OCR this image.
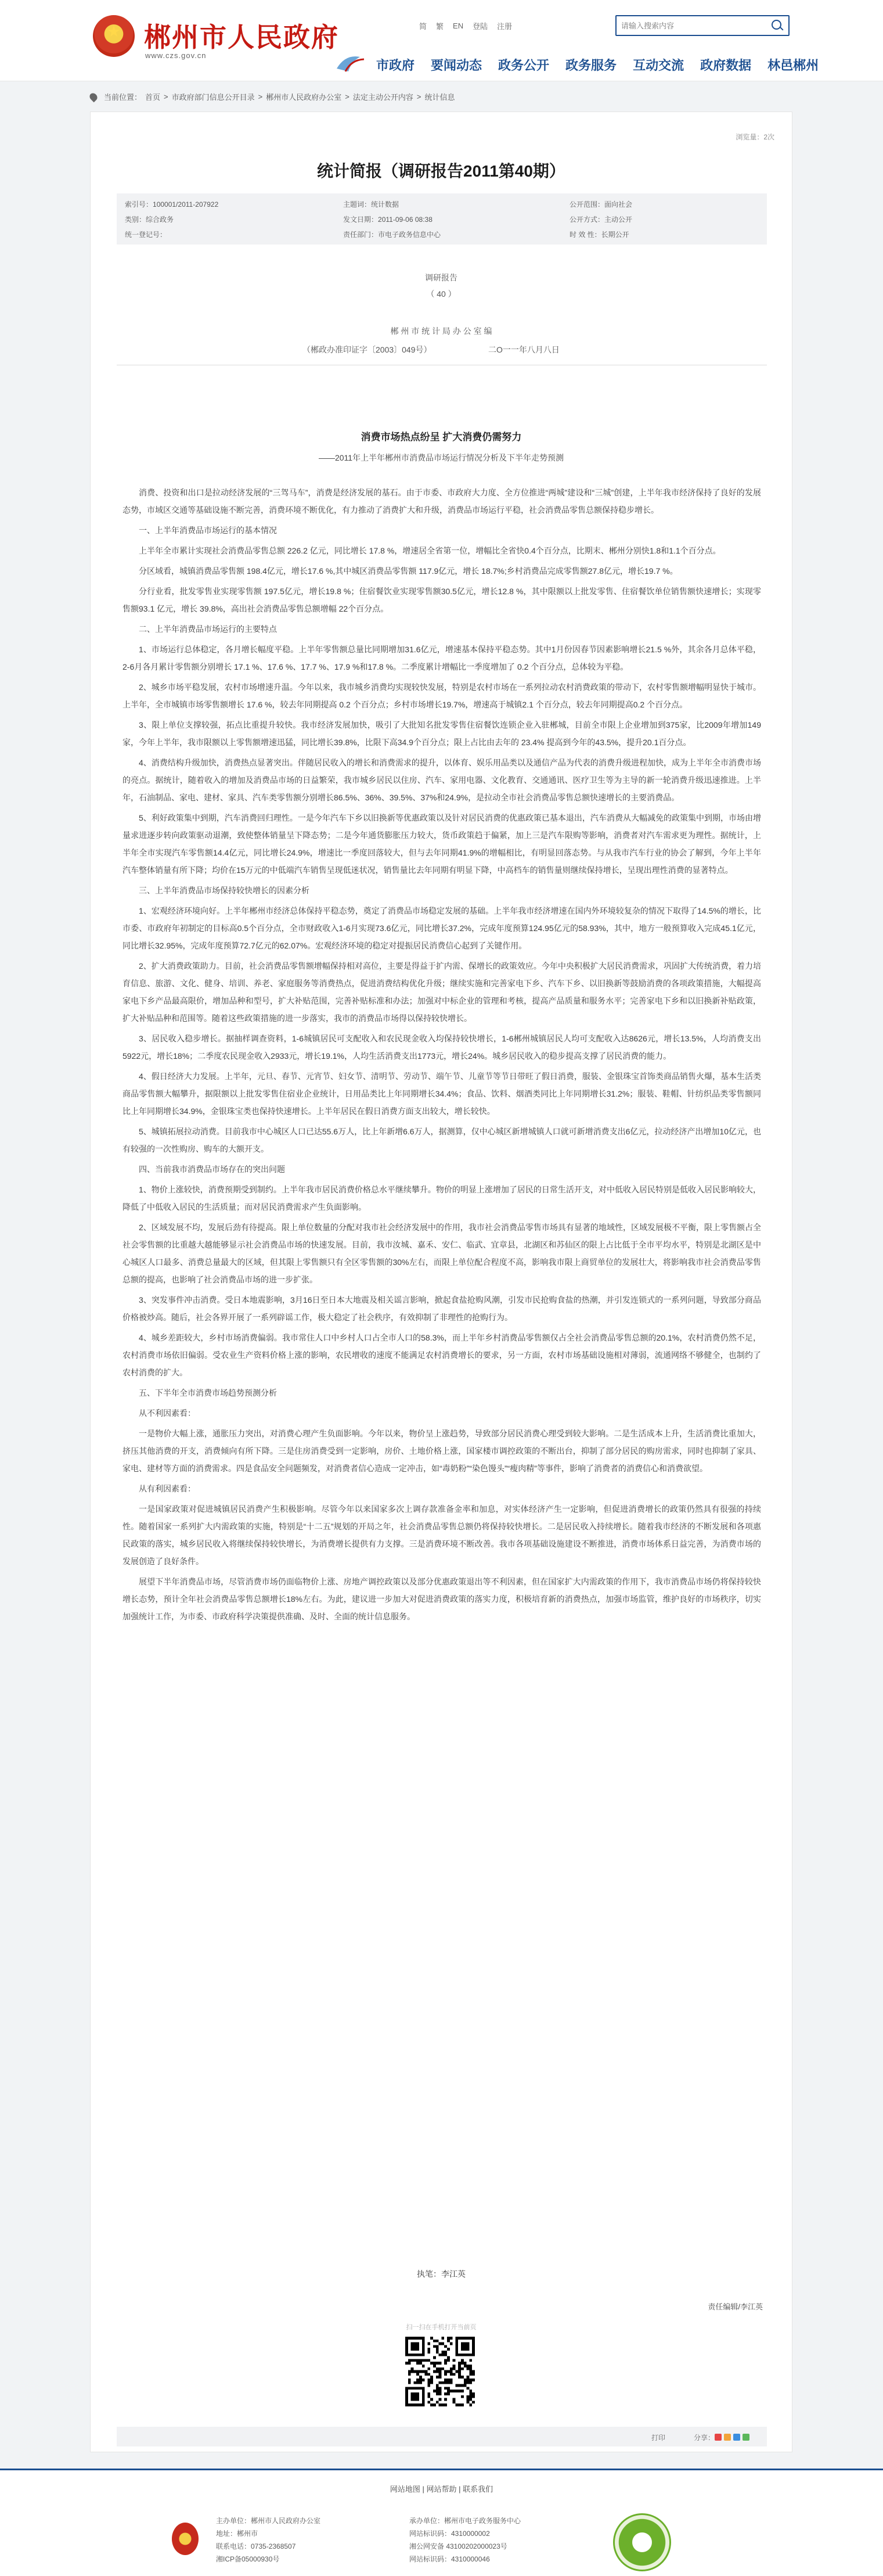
★ 郴州市人民政府
www.czs.gov.cn
简 繁 EN 登陆 注册
请输入搜索内容
市政府 要闻动态 政务公开 政务服务 互动交流 政府数据 林邑郴州
当前位置： 首页 > 市政府部门信息公开目录 > 郴州市人民政府办公室 > 法定主动公开内容 > 统计信息
浏览量：2次
统计简报（调研报告2011第40期）
索引号：100001/2011-207922	主题词：统计数据	公开范围：面向社会
类别：综合政务	发文日期：2011-09-06 08:38	公开方式：主动公开
统一登记号：	责任部门：市电子政务信息中心	时 效 性：长期公开
调研报告
（ 40 ）
郴 州 市 统 计 局 办 公 室 编
（郴政办准印证字〔2003〕049号）	二O一一年八月八日
消费市场热点纷呈 扩大消费仍需努力
——2011年上半年郴州市消费品市场运行情况分析及下半年走势预测

消费、投资和出口是拉动经济发展的“三驾马车”，消费是经济发展的基石。由于市委、市政府大力度、全方位推进“两城”建设和“三城”创建，上半年我市经济保持了良好的发展态势，市域区交通等基础设施不断完善，消费环境不断优化，有力推动了消费扩大和升级，消费品市场运行平稳，社会消费品零售总额保持稳步增长。

一、上半年消费品市场运行的基本情况

上半年全市累计实现社会消费品零售总额 226.2 亿元，同比增长 17.8 %，增速居全省第一位，增幅比全省快0.4个百分点，比期末、郴州分别快1.8和1.1个百分点。

分区域看，城镇消费品零售额 198.4亿元，增长17.6 %,其中城区消费品零售额 117.9亿元，增长 18.7%;乡村消费品完成零售额27.8亿元，增长19.7 %。

分行业看，批发零售业实现零售额 197.5亿元，增长19.8 %；住宿餐饮业实现零售额30.5亿元，增长12.8 %，其中限额以上批发零售、住宿餐饮单位销售额快速增长；实现零售额93.1 亿元，增长 39.8%，高出社会消费品零售总额增幅 22个百分点。

二、上半年消费品市场运行的主要特点

1、市场运行总体稳定，各月增长幅度平稳。上半年零售额总量比同期增加31.6亿元，增速基本保持平稳态势。其中1月份因春节因素影响增长21.5 %外，其余各月总体平稳，2-6月各月累计零售额分别增长 17.1 %、17.6 %、17.7 %、17.9 %和17.8 %。二季度累计增幅比一季度增加了 0.2 个百分点，总体较为平稳。

2、城乡市场平稳发展，农村市场增速升温。今年以来，我市城乡消费均实现较快发展，特别是农村市场在一系列拉动农村消费政策的带动下，农村零售额增幅明显快于城市。上半年，全市城镇市场零售额增长 17.6 %，较去年同期提高 0.2 个百分点；乡村市场增长19.7%，增速高于城镇2.1 个百分点，较去年同期提高0.2 个百分点。

3、限上单位支撑较强，拓点比重提升较快。我市经济发展加快，吸引了大批知名批发零售住宿餐饮连锁企业入驻郴城，目前全市限上企业增加到375家，比2009年增加149家，今年上半年，我市限额以上零售额增速迅猛，同比增长39.8%，比限下高34.9个百分点；限上占比由去年的 23.4% 提高到今年的43.5%，提升20.1百分点。

4、消费结构升级加快，消费热点显著突出。伴随居民收入的增长和消费需求的提升，以体育、娱乐用品类以及通信产品为代表的消费升级进程加快，成为上半年全市消费市场的亮点。据统计，随着收入的增加及消费品市场的日益繁荣，我市城乡居民以住房、汽车、家用电器、文化教育、交通通讯、医疗卫生等为主导的新一轮消费升级迅速推进。上半年，石油制品、家电、建材、家具、汽车类零售额分别增长86.5%、36%、39.5%、37%和24.9%，是拉动全市社会消费品零售总额快速增长的主要消费品。

5、利好政策集中到期，汽车消费回归理性。一是今年汽车下乡以旧换新等优惠政策以及针对居民消费的优惠政策已基本退出，汽车消费从大幅减免的政策集中到期，市场由增量求进逐步转向政策驱动退潮，致使整体销量呈下降态势；二是今年通货膨胀压力较大，货币政策趋于偏紧，加上三是汽车限购等影响，消费者对汽车需求更为理性。据统计，上半年全市实现汽车零售额14.4亿元，同比增长24.9%，增速比一季度回落较大，但与去年同期41.9%的增幅相比，有明显回落态势。与从我市汽车行业的协会了解到，今年上半年汽车整体销量有所下降；均价在15万元的中低端汽车销售呈现低迷状况，销售量比去年同期有明显下降，中高档车的销售量则继续保持增长，呈现出理性消费的显著特点。

三、上半年消费品市场保持较快增长的因素分析

1、宏观经济环境向好。上半年郴州市经济总体保持平稳态势，奠定了消费品市场稳定发展的基础。上半年我市经济增速在国内外环境较复杂的情况下取得了14.5%的增长，比市委、市政府年初制定的目标高0.5个百分点，全市财政收入1-6月实现73.6亿元，同比增长37.2%，完成年度预算124.95亿元的58.93%，其中，地方一般预算收入完成45.1亿元，同比增长32.95%，完成年度预算72.7亿元的62.07%。宏观经济环境的稳定对提振居民消费信心起到了关键作用。

2、扩大消费政策助力。目前，社会消费品零售额增幅保持相对高位，主要是得益于扩内需、保增长的政策效应。今年中央积极扩大居民消费需求，巩固扩大传统消费，着力培育信息、旅游、文化、健身、培训、养老、家庭服务等消费热点，促进消费结构优化升级；继续实施和完善家电下乡、汽车下乡、以旧换新等鼓励消费的各项政策措施，大幅提高家电下乡产品最高限价，增加品种和型号，扩大补贴范围，完善补贴标准和办法；加强对中标企业的管理和考核，提高产品质量和服务水平；完善家电下乡和以旧换新补贴政策，扩大补贴品种和范围等。随着这些政策措施的进一步落实，我市的消费品市场得以保持较快增长。

3、居民收入稳步增长。据抽样调查资料，1-6城镇居民可支配收入和农民现金收入均保持较快增长，1-6郴州城镇居民人均可支配收入达8626元，增长13.5%，人均消费支出5922元，增长18%；二季度农民现金收入2933元，增长19.1%，人均生活消费支出1773元，增长24%。城乡居民收入的稳步提高支撑了居民消费的能力。

4、假日经济大力发展。上半年，元旦、春节、元宵节、妇女节、清明节、劳动节、端午节、儿童节等节日带旺了假日消费，服装、金银珠宝首饰类商品销售火爆，基本生活类商品零售额大幅攀升，据限额以上批发零售住宿业企业统计，日用品类比上年同期增长34.4%；食品、饮料、烟酒类同比上年同期增长31.2%；服装、鞋帽、针纺织品类零售额同比上年同期增长34.9%，金银珠宝类也保持快速增长。上半年居民在假日消费方面支出较大，增长较快。

5、城镇拓展拉动消费。目前我市中心城区人口已达55.6万人，比上年新增6.6万人，据测算，仅中心城区新增城镇人口就可新增消费支出6亿元，拉动经济产出增加10亿元，也有较强的一次性购房、购车的大额开支。

四、当前我市消费品市场存在的突出问题

1、物价上涨较快，消费预期受到制约。上半年我市居民消费价格总水平继续攀升。物价的明显上涨增加了居民的日常生活开支，对中低收入居民特别是低收入居民影响较大，降低了中低收入居民的生活质量；而对居民消费需求产生负面影响。

2、区域发展不均，发展后劲有待提高。限上单位数量的分配对我市社会经济发展中的作用，我市社会消费品零售市场具有显著的地域性，区域发展极不平衡，限上零售额占全社会零售额的比重越大越能够显示社会消费品市场的快速发展。目前，我市汝城、嘉禾、安仁、临武、宜章县，北湖区和苏仙区的限上占比低于全市平均水平，特别是北湖区是中心城区人口最多、消费总量最大的区域，但其限上零售额只有全区零售额的30%左右，而限上单位配合程度不高，影响我市限上商贸单位的发展壮大，将影响我市社会消费品零售总额的提高，也影响了社会消费品市场的进一步扩张。

3、突发事件冲击消费。受日本地震影响，3月16日至日本大地震及相关谣言影响，掀起食盐抢购风潮，引发市民抢购食盐的热潮，并引发连锁式的一系列问题，导致部分商品价格被炒高。随后，社会各界开展了一系列辟谣工作，极大稳定了社会秩序，有效抑制了非理性的抢购行为。

4、城乡差距较大，乡村市场消费偏弱。我市常住人口中乡村人口占全市人口的58.3%，而上半年乡村消费品零售额仅占全社会消费品零售总额的20.1%，农村消费仍然不足，农村消费市场依旧偏弱。受农业生产资料价格上涨的影响，农民增收的速度不能满足农村消费增长的要求，另一方面，农村市场基础设施相对薄弱，流通网络不够健全，也制约了农村消费的扩大。

五、下半年全市消费市场趋势预测分析

从不利因素看：

一是物价大幅上涨，通胀压力突出，对消费心理产生负面影响。今年以来，物价呈上涨趋势，导致部分居民消费心理受到较大影响。二是生活成本上升，生活消费比重加大，挤压其他消费的开支，消费倾向有所下降。三是住房消费受到一定影响，房价、土地价格上涨，国家楼市调控政策的不断出台，抑制了部分居民的购房需求，同时也抑制了家具、家电、建材等方面的消费需求。四是食品安全问题频发，对消费者信心造成一定冲击，如“毒奶粉”“染色馒头”“瘦肉精”等事件，影响了消费者的消费信心和消费欲望。

从有利因素看：

一是国家政策对促进城镇居民消费产生积极影响。尽管今年以来国家多次上调存款准备金率和加息，对实体经济产生一定影响，但促进消费增长的政策仍然具有很强的持续性。随着国家一系列扩大内需政策的实施，特别是“十二五”规划的开局之年，社会消费品零售总额仍将保持较快增长。二是居民收入持续增长。随着我市经济的不断发展和各项惠民政策的落实，城乡居民收入将继续保持较快增长，为消费增长提供有力支撑。三是消费环境不断改善。我市各项基础设施建设不断推进，消费市场体系日益完善，为消费市场的发展创造了良好条件。

展望下半年消费品市场，尽管消费市场仍面临物价上涨、房地产调控政策以及部分优惠政策退出等不利因素，但在国家扩大内需政策的作用下，我市消费品市场仍将保持较快增长态势，预计全年社会消费品零售总额增长18%左右。为此，建议进一步加大对促进消费政策的落实力度，积极培育新的消费热点，加强市场监管，维护良好的市场秩序，切实加强统计工作，为市委、市政府科学决策提供准确、及时、全面的统计信息服务。

执笔：李江英
责任编辑/李江英
扫一扫在手机打开当前页
打印	分享：
网站地图 | 网站帮助 | 联系我们
主办单位：郴州市人民政府办公室
地址：郴州市
联系电话：0735-2368507
湘ICP备05000930号
承办单位：郴州市电子政务服务中心
网站标识码：4310000002
湘公网安备 43100202000023号
网站标识码：4310000046
